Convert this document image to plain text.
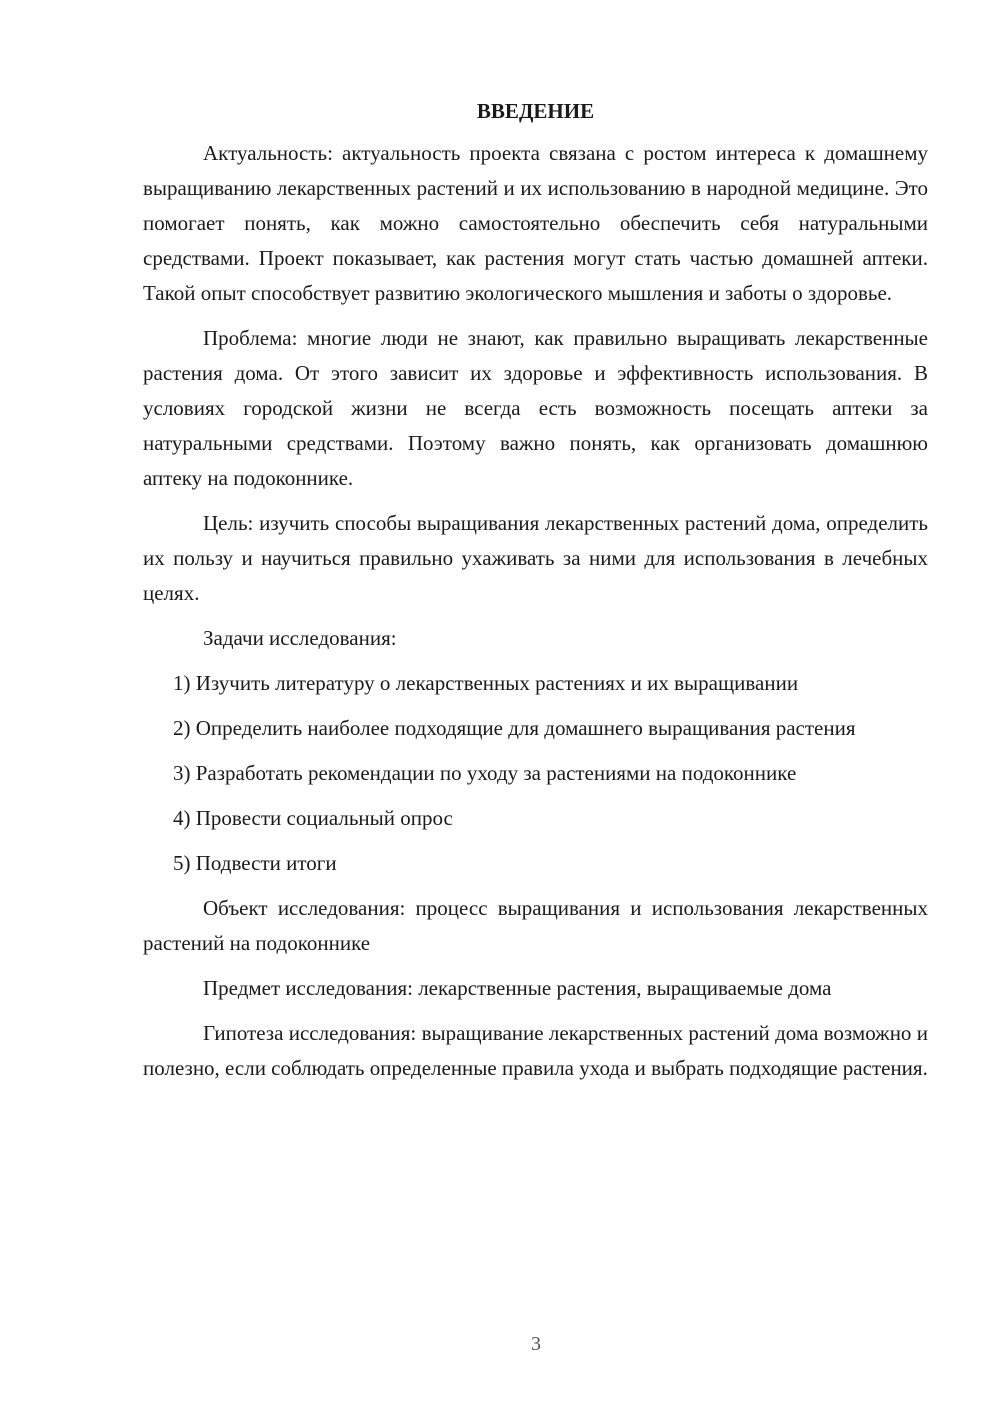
ВВЕДЕНИЕ

Актуальность: актуальность проекта связана с ростом интереса к домашнему выращиванию лекарственных растений и их использованию в народной медицине. Это помогает понять, как можно самостоятельно обеспечить себя натуральными средствами. Проект показывает, как растения могут стать частью домашней аптеки. Такой опыт способствует развитию экологического мышления и заботы о здоровье.

Проблема: многие люди не знают, как правильно выращивать лекарственные растения дома. От этого зависит их здоровье и эффективность использования. В условиях городской жизни не всегда есть возможность посещать аптеки за натуральными средствами. Поэтому важно понять, как организовать домашнюю аптеку на подоконнике.

Цель: изучить способы выращивания лекарственных растений дома, определить их пользу и научиться правильно ухаживать за ними для использования в лечебных целях.

Задачи исследования:

1) Изучить литературу о лекарственных растениях и их выращивании

2) Определить наиболее подходящие для домашнего выращивания растения

3) Разработать рекомендации по уходу за растениями на подоконнике

4) Провести социальный опрос

5) Подвести итоги

Объект исследования: процесс выращивания и использования лекарственных растений на подоконнике

Предмет исследования: лекарственные растения, выращиваемые дома

Гипотеза исследования: выращивание лекарственных растений дома возможно и полезно, если соблюдать определенные правила ухода и выбрать подходящие растения.

3
